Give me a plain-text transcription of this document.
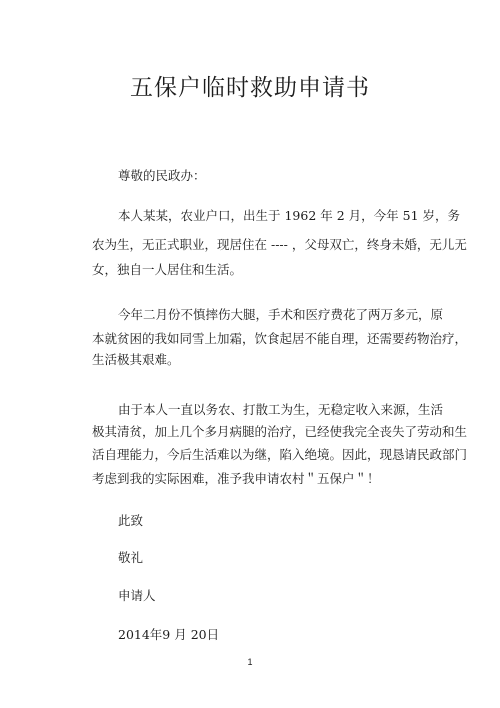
五保户临时救助申请书
尊敬的民政办：
本人某某，农业户口，出生于 1962 年 2 月，今年 51 岁，务
农为生，无正式职业，现居住在 ---- ，父母双亡，终身未婚，无儿无
女，独自一人居住和生活。
今年二月份不慎摔伤大腿，手术和医疗费花了两万多元，原
本就贫困的我如同雪上加霜，饮食起居不能自理，还需要药物治疗，
生活极其艰难。
由于本人一直以务农、打散工为生，无稳定收入来源，生活
极其清贫，加上几个多月病腿的治疗，已经使我完全丧失了劳动和生
活自理能力，今后生活难以为继，陷入绝境。因此，现恳请民政部门
考虑到我的实际困难，准予我申请农村＂五保户＂！
此致
敬礼
申请人
2014年9 月 20日
1
